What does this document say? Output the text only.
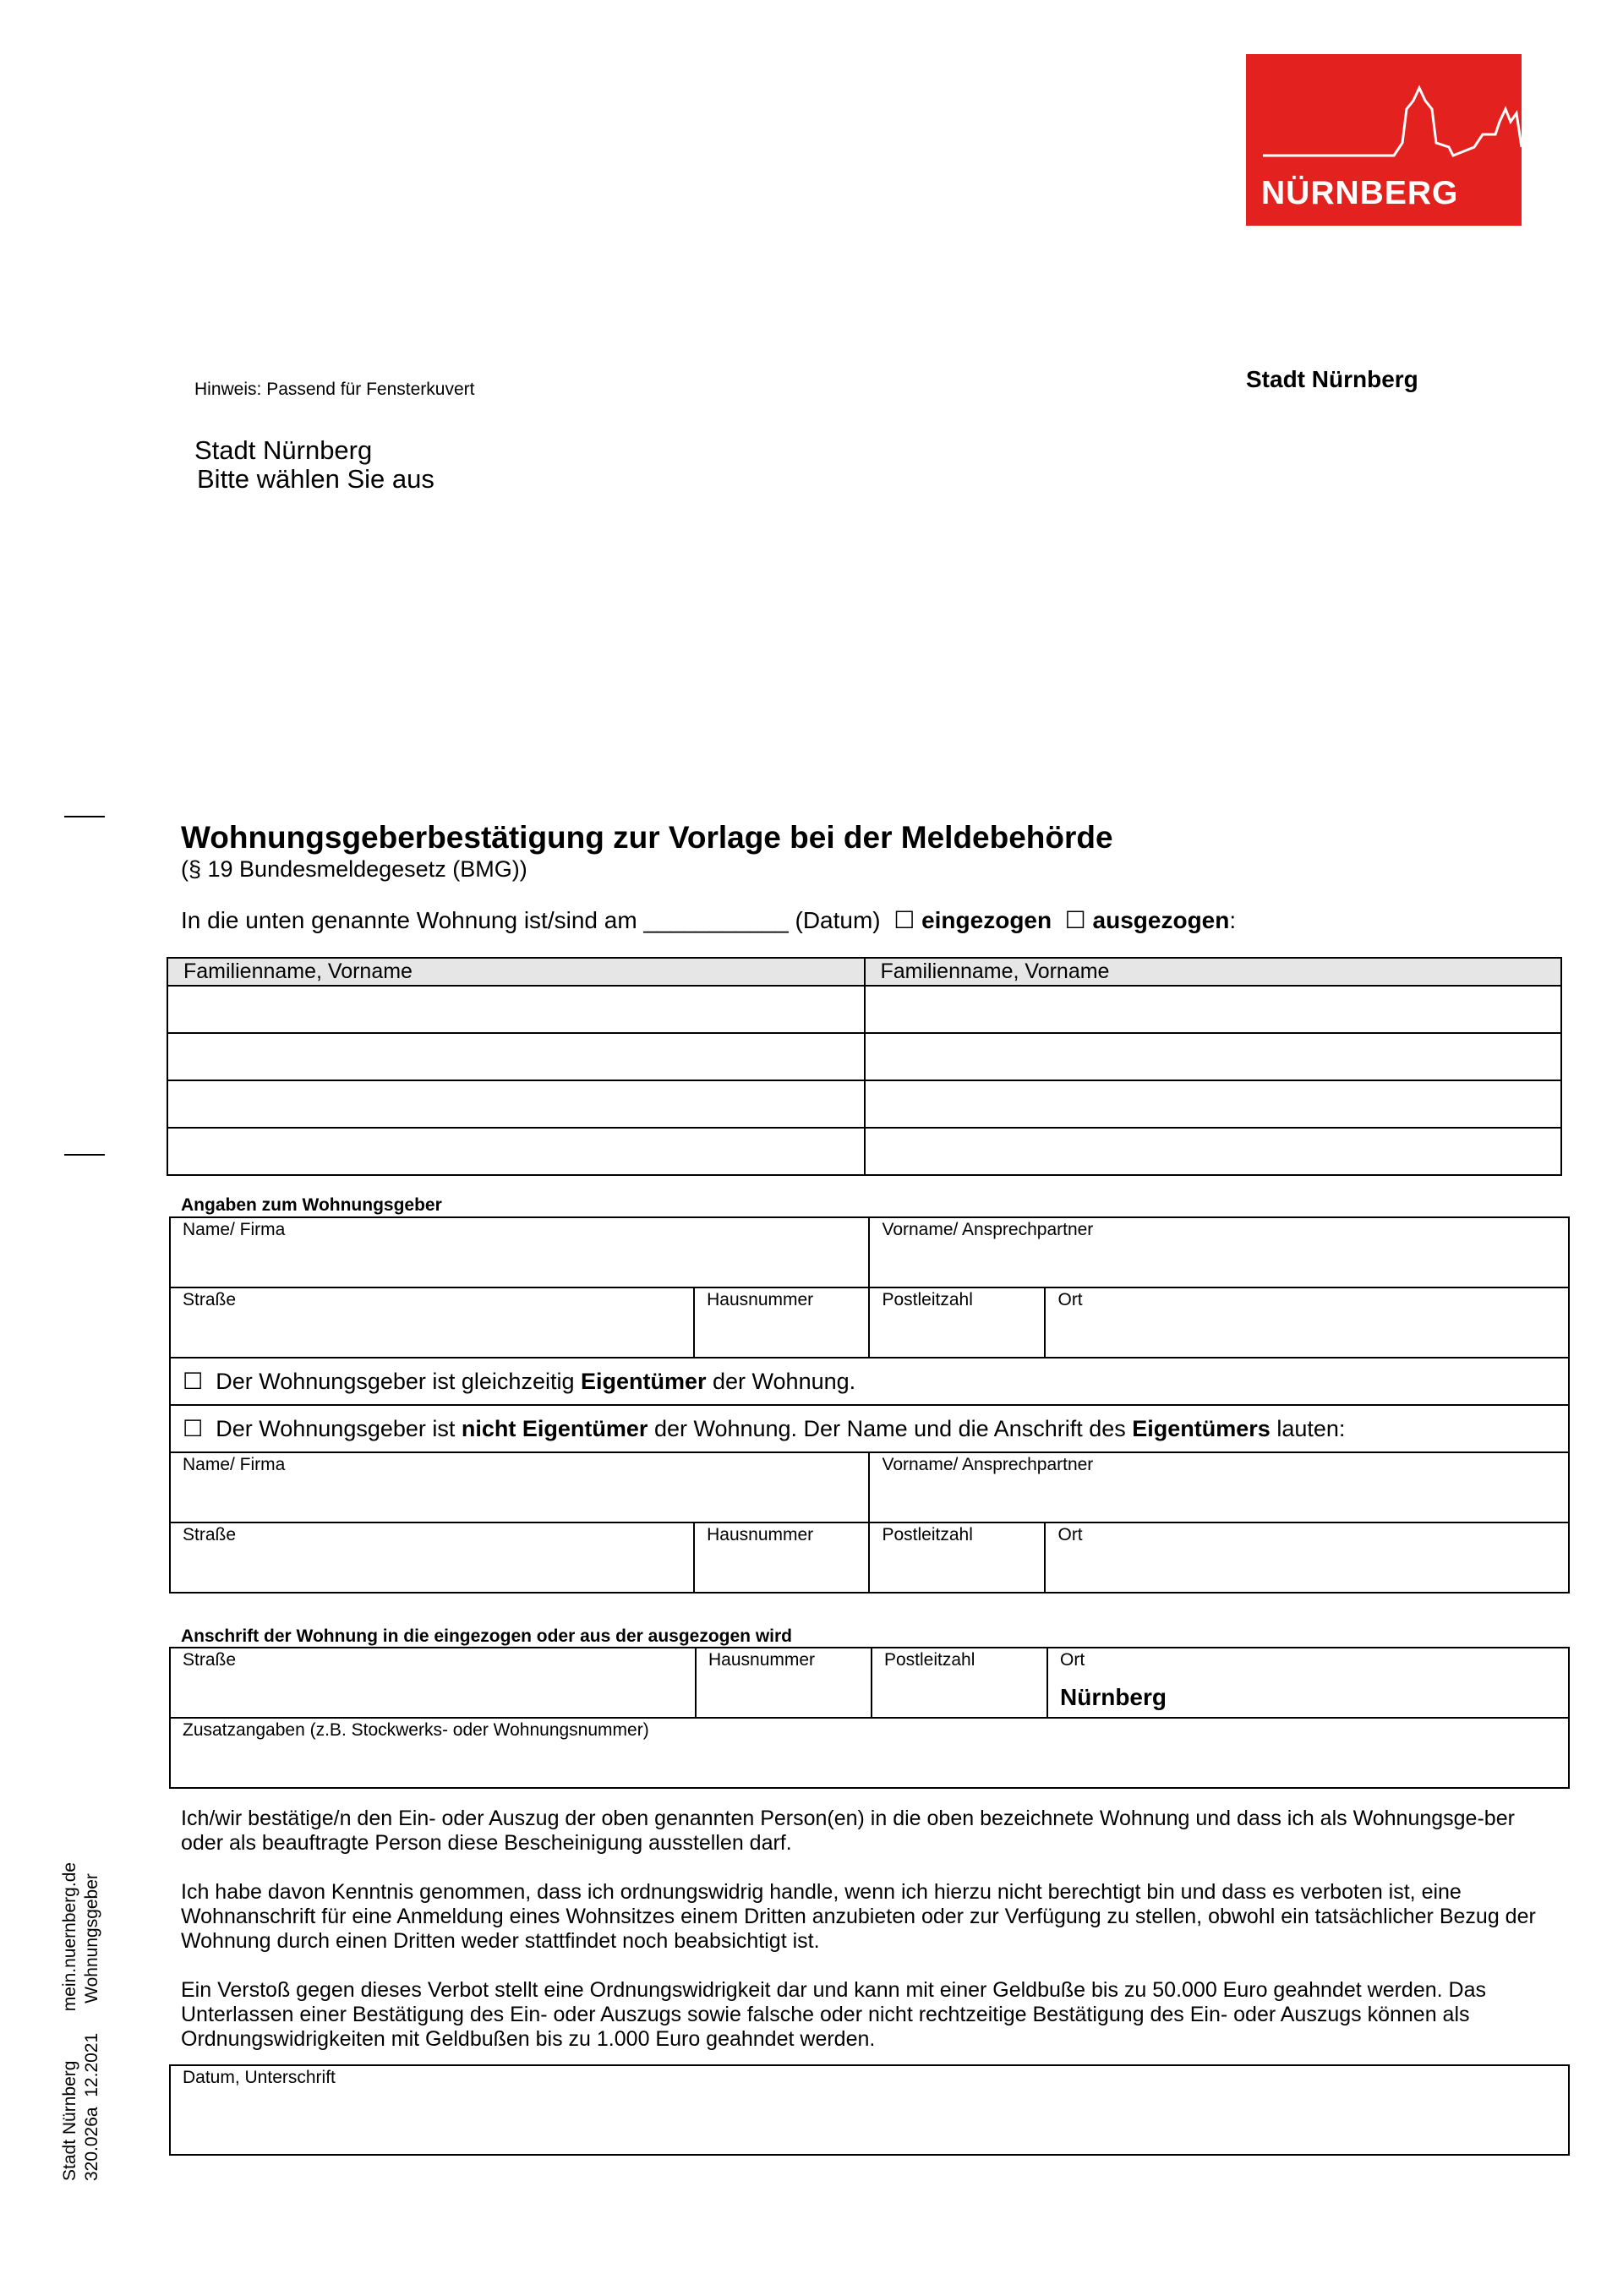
NÜRNBERG
Hinweis: Passend für Fensterkuvert	Stadt Nürnberg
Stadt Nürnberg
Bitte wählen Sie aus
Wohnungsgeberbestätigung zur Vorlage bei der Meldebehörde
(§ 19 Bundesmeldegesetz (BMG))
In die unten genannte Wohnung ist/sind am ___________ (Datum) ☐ eingezogen ☐ ausgezogen:
Familienname, Vorname	Familienname, Vorname

Angaben zum Wohnungsgeber
Name/ Firma		Vorname/ Ansprechpartner	

Straße	Hausnummer	Postleitzahl	Ort

☐ Der Wohnungsgeber ist gleichzeitig Eigentümer der Wohnung.			
☐ Der Wohnungsgeber ist nicht Eigentümer der Wohnung. Der Name und die Anschrift des Eigentümers lauten:			

Name/ Firma		Vorname/ Ansprechpartner	

Straße	Hausnummer	Postleitzahl	Ort
Anschrift der Wohnung in die eingezogen oder aus der ausgezogen wird
Straße	Hausnummer	Postleitzahl	Ort
Nürnberg

Zusatzangaben (z.B. Stockwerks- oder Wohnungsnummer)
Ich/wir bestätige/n den Ein- oder Auszug der oben genannten Person(en) in die oben bezeichnete Wohnung und dass ich als Wohnungsge-ber oder als beauftragte Person diese Bescheinigung ausstellen darf.
Ich habe davon Kenntnis genommen, dass ich ordnungswidrig handle, wenn ich hierzu nicht berechtigt bin und dass es verboten ist, eine Wohnanschrift für eine Anmeldung eines Wohnsitzes einem Dritten anzubieten oder zur Verfügung zu stellen, obwohl ein tatsächlicher Bezug der Wohnung durch einen Dritten weder stattfindet noch beabsichtigt ist.
Ein Verstoß gegen dieses Verbot stellt eine Ordnungswidrigkeit dar und kann mit einer Geldbuße bis zu 50.000 Euro geahndet werden. Das Unterlassen einer Bestätigung des Ein- oder Auszugs sowie falsche oder nicht rechtzeitige Bestätigung des Ein- oder Auszugs können als Ordnungswidrigkeiten mit Geldbußen bis zu 1.000 Euro geahndet werden.
Datum, Unterschrift
Stadt Nürnberg          mein.nuernberg.de 320.026a  12.2021      Wohnungsgeber
